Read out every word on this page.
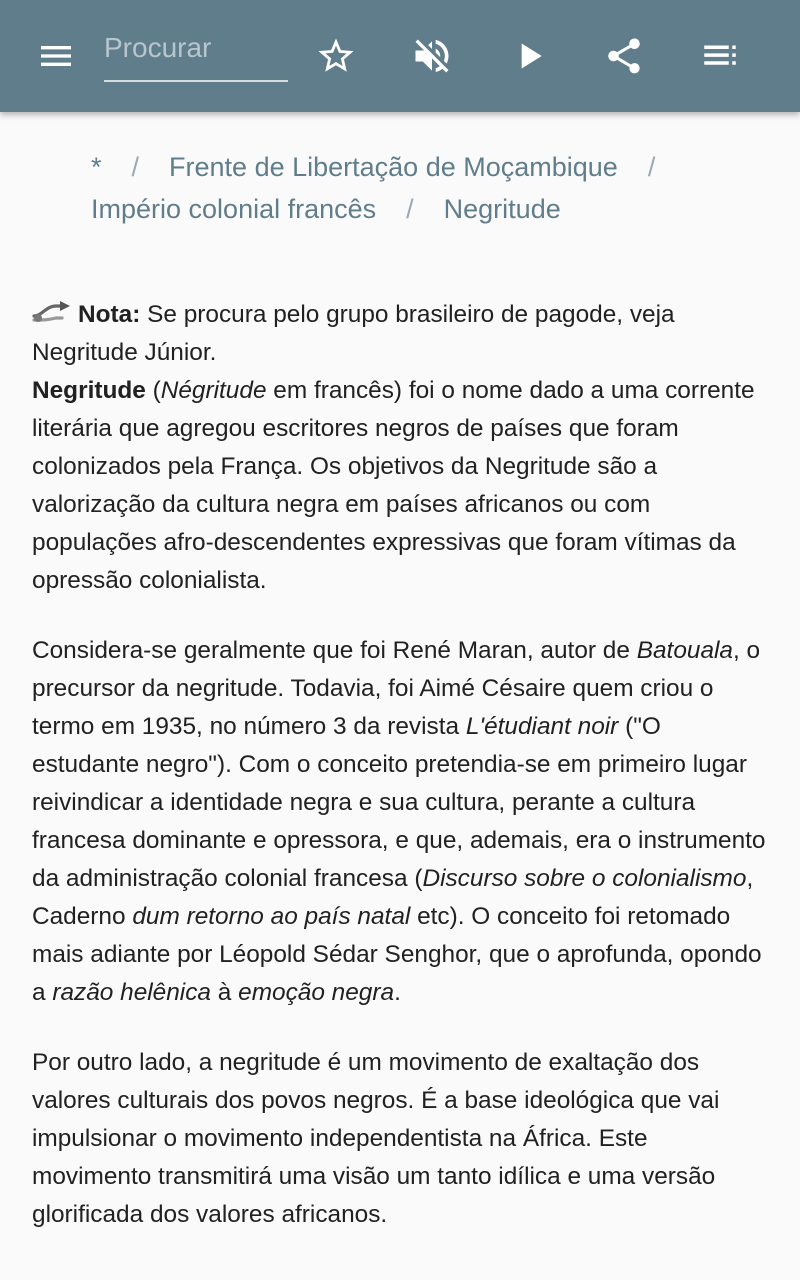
Procurar
* / Frente de Libertação de Moçambique /
Império colonial francês / Negritude
Nota: Se procura pelo grupo brasileiro de pagode, veja Negritude Júnior.

Negritude (Négritude em francês) foi o nome dado a uma corrente literária que agregou escritores negros de países que foram colonizados pela França. Os objetivos da Negritude são a valorização da cultura negra em países africanos ou com populações afro-descendentes expressivas que foram vítimas da opressão colonialista.

Considera-se geralmente que foi René Maran, autor de Batouala, o precursor da negritude. Todavia, foi Aimé Césaire quem criou o termo em 1935, no número 3 da revista L'étudiant noir ("O estudante negro"). Com o conceito pretendia-se em primeiro lugar reivindicar a identidade negra e sua cultura, perante a cultura francesa dominante e opressora, e que, ademais, era o instrumento da administração colonial francesa (Discurso sobre o colonialismo, Caderno dum retorno ao país natal etc). O conceito foi retomado mais adiante por Léopold Sédar Senghor, que o aprofunda, opondo a razão helênica à emoção negra.

Por outro lado, a negritude é um movimento de exaltação dos valores culturais dos povos negros. É a base ideológica que vai impulsionar o movimento independentista na África. Este movimento transmitirá uma visão um tanto idílica e uma versão glorificada dos valores africanos.
